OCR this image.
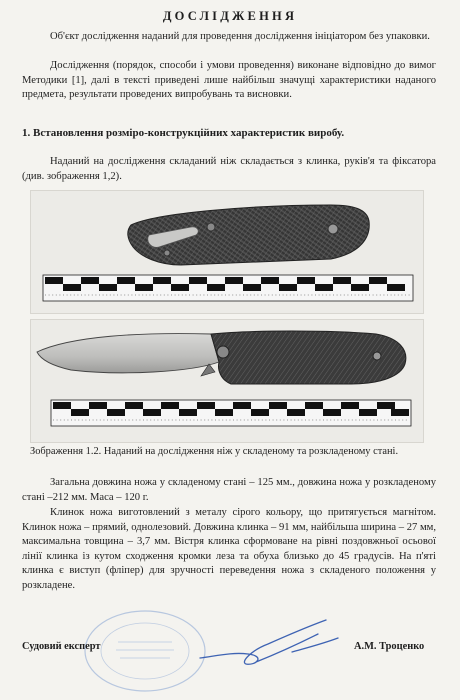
ДОСЛІДЖЕННЯ

Об'єкт дослідження наданий для проведення дослідження ініціатором без упаковки.

Дослідження (порядок, способи і умови проведення) виконане відповідно до вимог Методики [1], далі в тексті приведені лише найбільш значущі характеристики наданого предмета, результати проведених випробувань та висновки.

1. Встановлення розміро-конструкційних характеристик виробу.

Наданий на дослідження складаний ніж складається з клинка, руків'я та фіксатора (див. зображення 1,2).

Зображення 1.2. Наданий на дослідження ніж у складеному та розкладеному стані.

Загальна довжина ножа у складеному стані – 125 мм., довжина ножа у розкладеному стані –212 мм. Маса – 120 г.

Клинок ножа виготовлений з металу сірого кольору, що притягується магнітом. Клинок ножа – прямий, однолезовий. Довжина клинка – 91 мм, найбільша ширина – 27 мм, максимальна товщина – 3,7 мм. Вістря клинка сформоване на рівні поздовжньої осьової лінії клинка із кутом сходження кромки леза та обуха близько до 45 градусів. На п'яті клинка є виступ (фліпер) для зручності переведення ножа з складеного положення у розкладене.

Судовий експерт	А.М. Троценко
